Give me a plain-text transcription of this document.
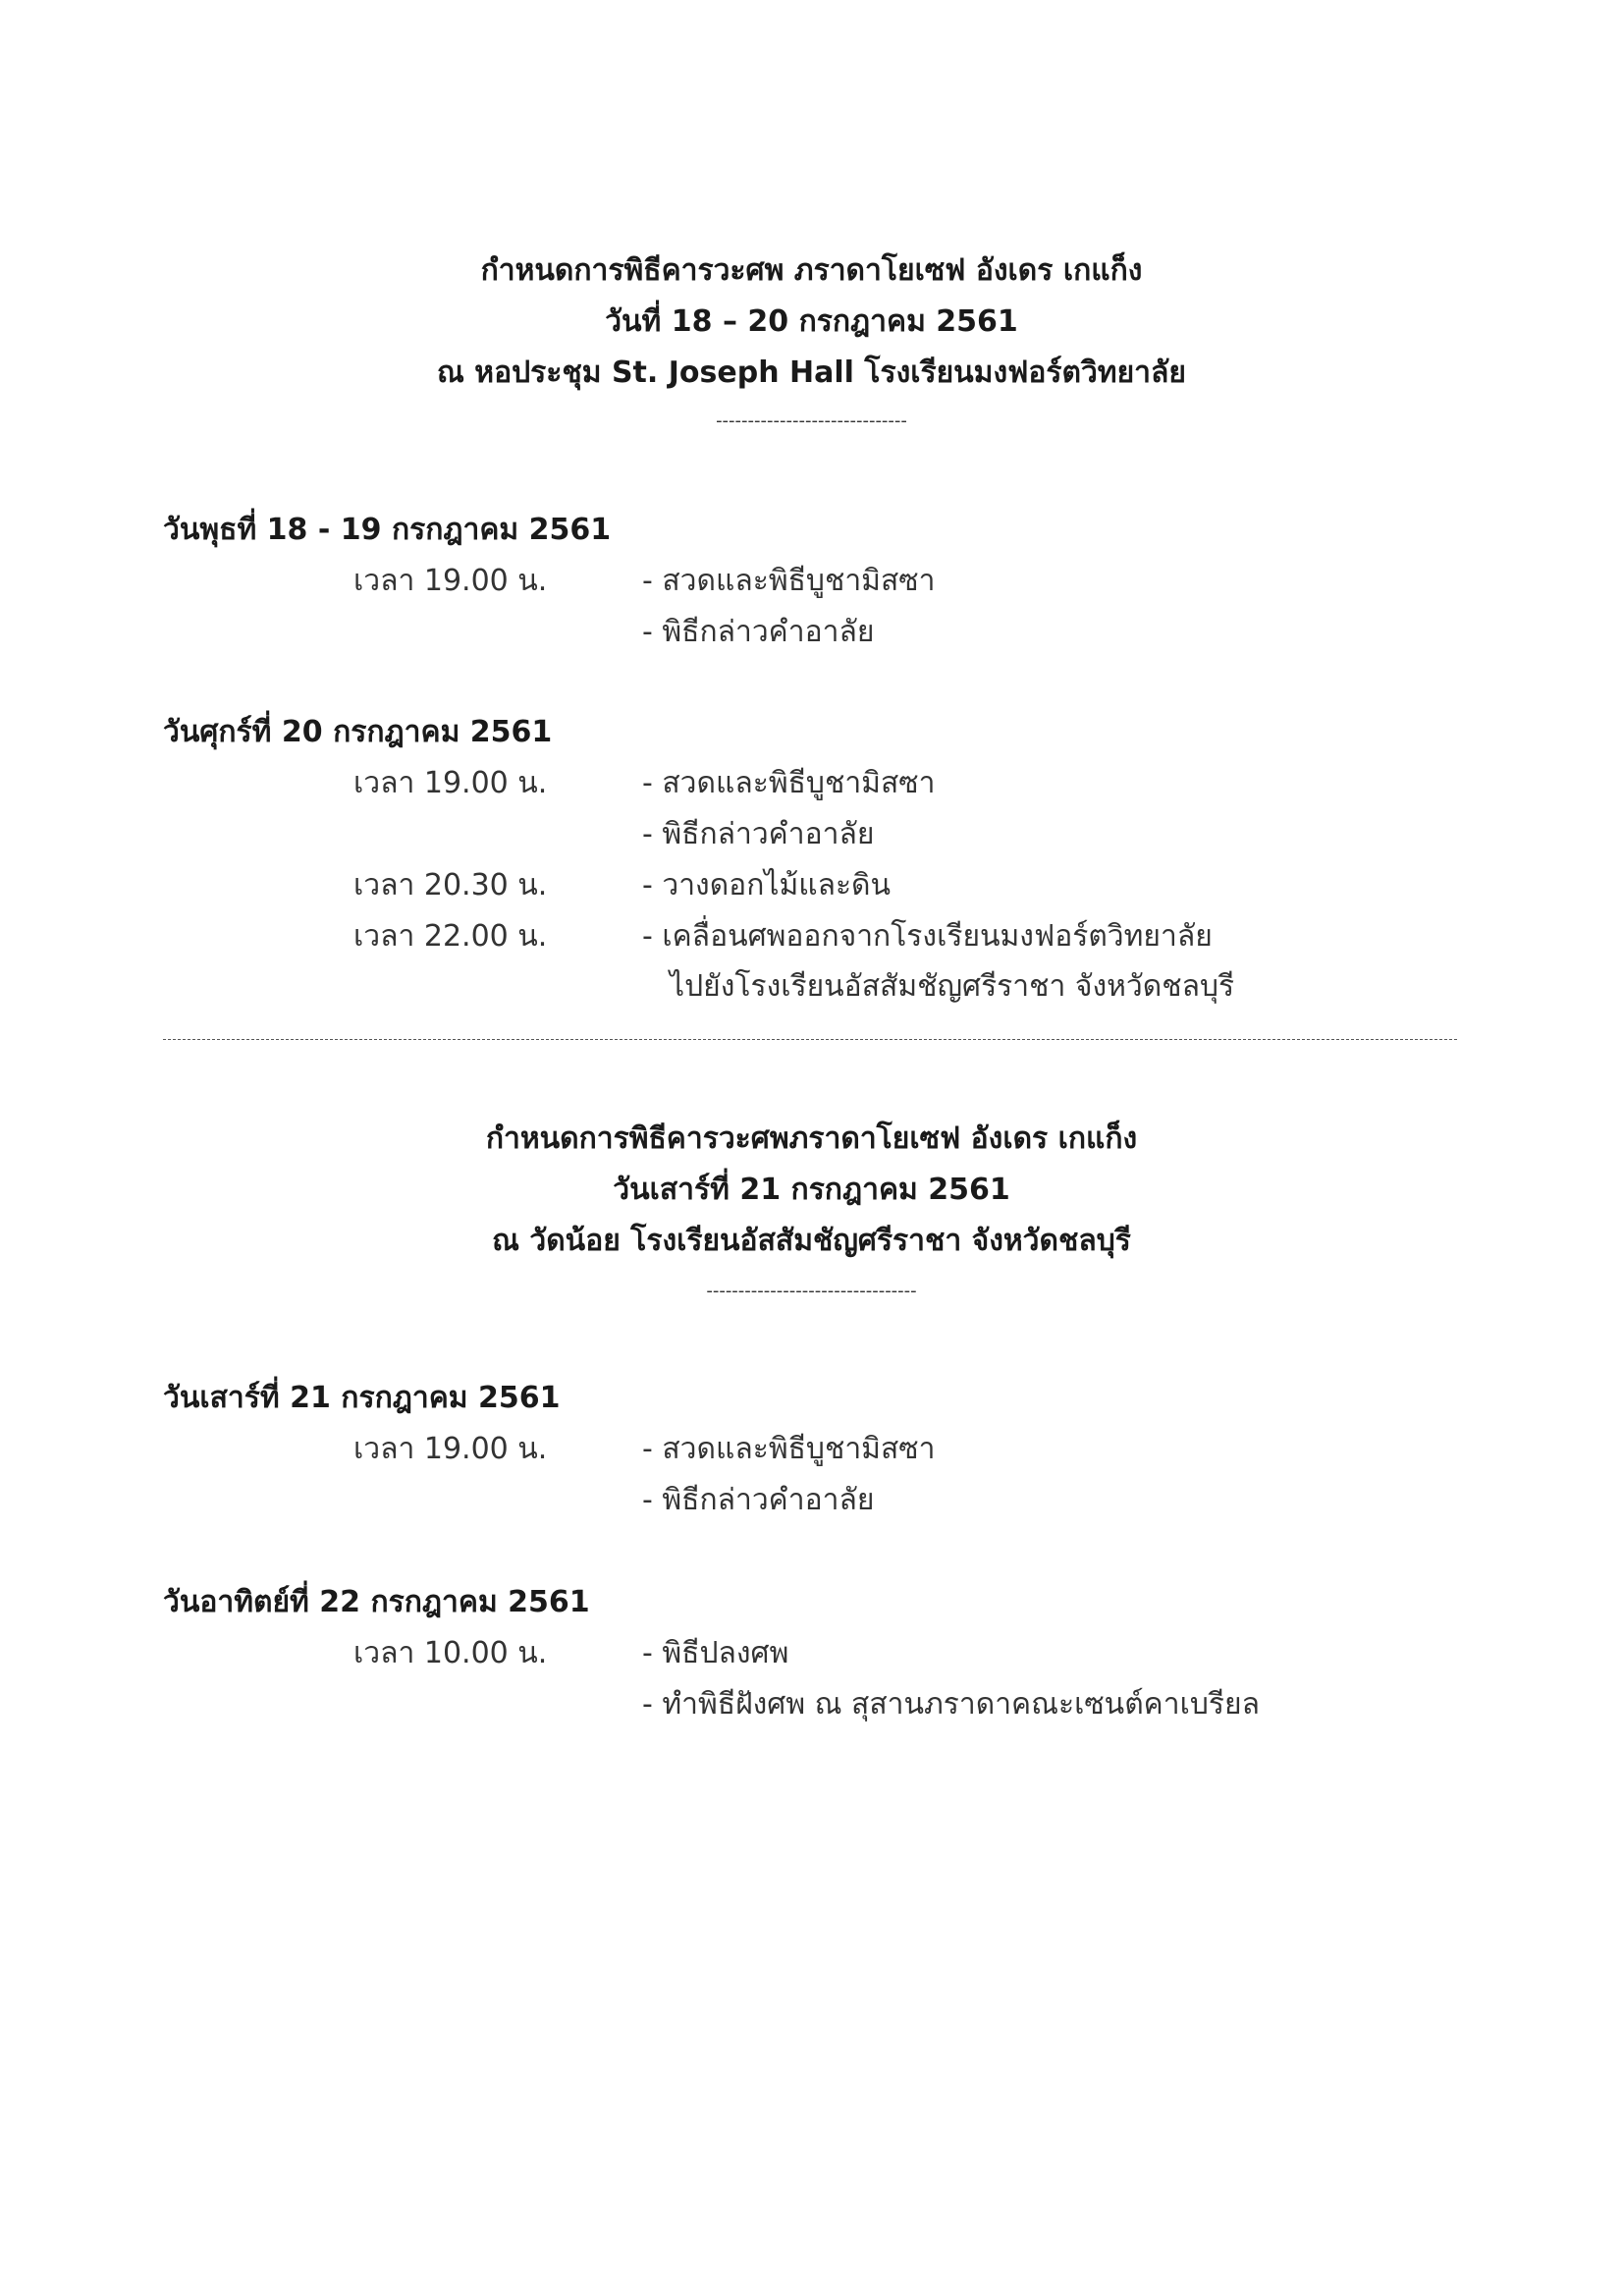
กำหนดการพิธีคารวะศพ ภราดาโยเซฟ อังเดร เกแก็ง
วันที่ 18 – 20 กรกฎาคม 2561
ณ หอประชุม St. Joseph Hall โรงเรียนมงฟอร์ตวิทยาลัย
------------------------------
วันพุธที่ 18 - 19 กรกฎาคม 2561
เวลา 19.00 น.	- สวดและพิธีบูชามิสซา
- พิธีกล่าวคำอาลัย
วันศุกร์ที่ 20 กรกฎาคม 2561
เวลา 19.00 น.	- สวดและพิธีบูชามิสซา
- พิธีกล่าวคำอาลัย
เวลา 20.30 น.	- วางดอกไม้และดิน
เวลา 22.00 น.	- เคลื่อนศพออกจากโรงเรียนมงฟอร์ตวิทยาลัย
ไปยังโรงเรียนอัสสัมชัญศรีราชา จังหวัดชลบุรี
กำหนดการพิธีคารวะศพภราดาโยเซฟ อังเดร เกแก็ง
วันเสาร์ที่ 21 กรกฎาคม 2561
ณ วัดน้อย โรงเรียนอัสสัมชัญศรีราชา จังหวัดชลบุรี
---------------------------------
วันเสาร์ที่ 21 กรกฎาคม 2561
เวลา 19.00 น.	- สวดและพิธีบูชามิสซา
- พิธีกล่าวคำอาลัย
วันอาทิตย์ที่ 22 กรกฎาคม 2561
เวลา 10.00 น.	- พิธีปลงศพ
- ทำพิธีฝังศพ ณ สุสานภราดาคณะเซนต์คาเบรียล
